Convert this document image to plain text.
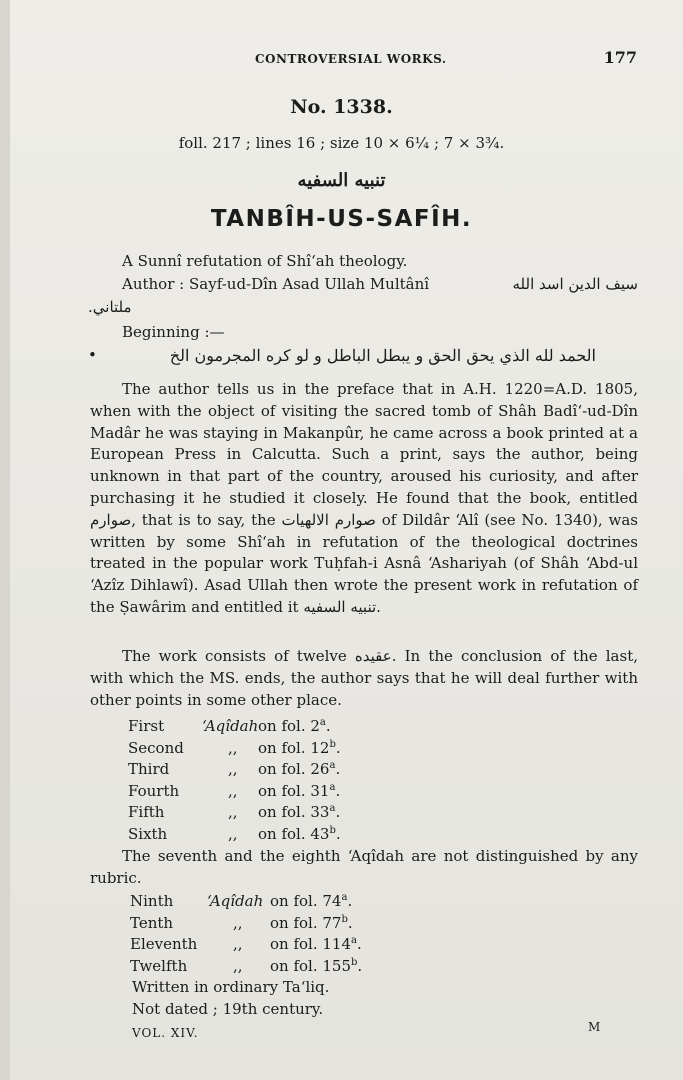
CONTROVERSIAL WORKS.	177
No. 1338.
foll. 217 ; lines 16 ; size 10 × 6¼ ; 7 × 3¾.
تنبيه السفيه
TANBÎH-US-SAFÎH.
A Sunnî refutation of Shî‘ah theology.
Author : Sayf-ud-Dîn Asad Ullah Multânî	سيف الدين اسد الله
ملتاني.
Beginning :—
•	الحمد لله الذي يحق الحق و يبطل الباطل و لو كره المجرمون الخ
The author tells us in the preface that in A.H. 1220=A.D. 1805, when with the object of visiting the sacred tomb of Shâh Badî‘-ud-Dîn Madâr he was staying in Makanpûr, he came across a book printed at a European Press in Calcutta. Such a print, says the author, being unknown in that part of the country, aroused his curiosity, and after purchasing it he studied it closely. He found that the book, entitled صوارم, that is to say, the صوارم الالهيات of Dildâr ‘Alî (see No. 1340), was written by some Shî‘ah in refutation of the theological doctrines treated in the popular work Tuḥfah-i Asnâ ‘Ashariyah (of Shâh ‘Abd-ul ‘Azîz Dihlawî). Asad Ullah then wrote the present work in refutation of the Ṣawârim and entitled it تنبيه السفيه.
The work consists of twelve عقيده. In the conclusion of the last, with which the MS. ends, the author says that he will deal further with other points in some other place.
First	‘Aqîdah on fol. 2$^a$.
Second	,, on fol. 12$^b$.
Third	,, on fol. 26$^a$.
Fourth	,, on fol. 31$^a$.
Fifth	,, on fol. 33$^a$.
Sixth	,, on fol. 43$^b$.
The seventh and the eighth ‘Aqîdah are not distinguished by any rubric.
Ninth ‘Aqîdah on fol. 74$^a$.
Tenth	,, on fol. 77$^b$.
Eleventh ,, on fol. 114$^a$.
Twelfth	,, on fol. 155$^b$.
Written in ordinary Ta‘liq.
Not dated ; 19th century.
VOL. XIV.	M
